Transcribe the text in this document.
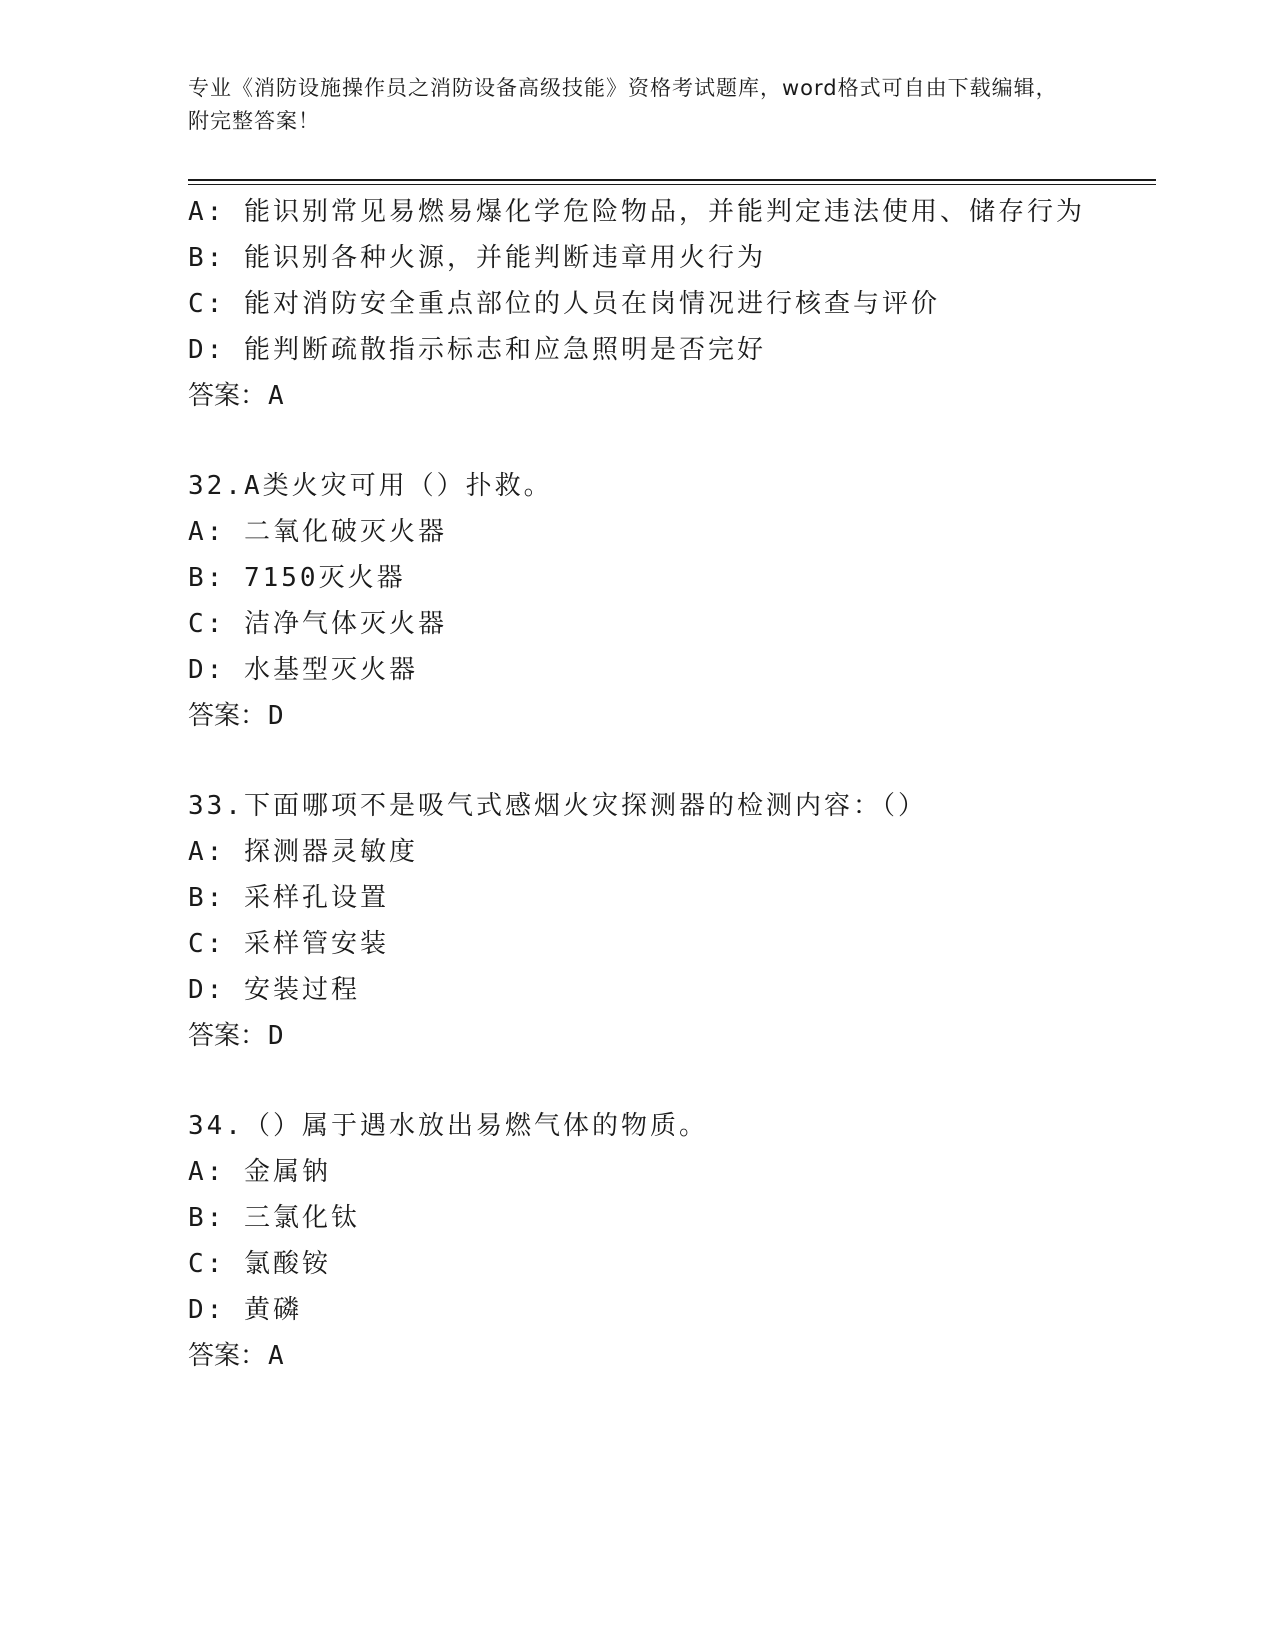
专业《消防设施操作员之消防设备高级技能》资格考试题库，word格式可自由下载编辑，附完整答案！
A: 能识别常见易燃易爆化学危险物品，并能判定违法使用、储存行为
B: 能识别各种火源，并能判断违章用火行为
C: 能对消防安全重点部位的人员在岗情况进行核查与评价
D: 能判断疏散指示标志和应急照明是否完好
答案：A
32.A类火灾可用（）扑救。
A: 二氧化破灭火器
B: 7150灭火器
C: 洁净气体灭火器
D: 水基型灭火器
答案：D
33.下面哪项不是吸气式感烟火灾探测器的检测内容：（）
A: 探测器灵敏度
B: 采样孔设置
C: 采样管安装
D: 安装过程
答案：D
34.（）属于遇水放出易燃气体的物质。
A: 金属钠
B: 三氯化钛
C: 氯酸铵
D: 黄磷
答案：A
